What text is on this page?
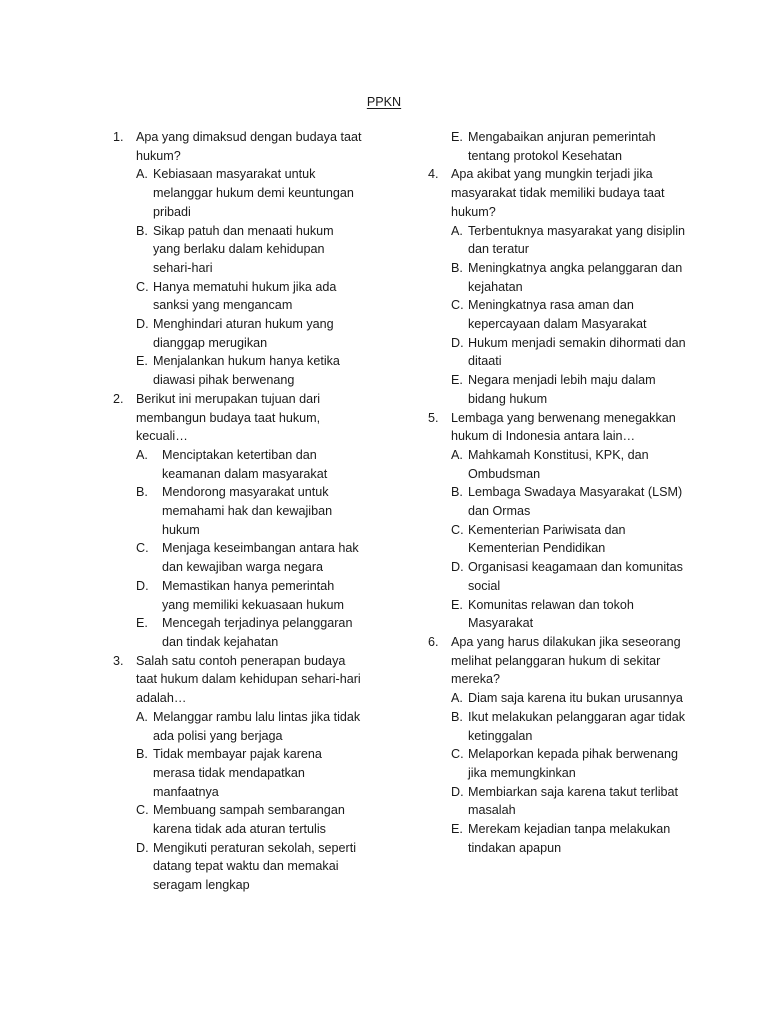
PPKN
1. Apa yang dimaksud dengan budaya taat hukum?
A. Kebiasaan masyarakat untuk melanggar hukum demi keuntungan pribadi
B. Sikap patuh dan menaati hukum yang berlaku dalam kehidupan sehari-hari
C. Hanya mematuhi hukum jika ada sanksi yang mengancam
D. Menghindari aturan hukum yang dianggap merugikan
E. Menjalankan hukum hanya ketika diawasi pihak berwenang
2. Berikut ini merupakan tujuan dari membangun budaya taat hukum, kecuali…
A. Menciptakan ketertiban dan keamanan dalam masyarakat
B. Mendorong masyarakat untuk memahami hak dan kewajiban hukum
C. Menjaga keseimbangan antara hak dan kewajiban warga negara
D. Memastikan hanya pemerintah yang memiliki kekuasaan hukum
E. Mencegah terjadinya pelanggaran dan tindak kejahatan
3. Salah satu contoh penerapan budaya taat hukum dalam kehidupan sehari-hari adalah…
A. Melanggar rambu lalu lintas jika tidak ada polisi yang berjaga
B. Tidak membayar pajak karena merasa tidak mendapatkan manfaatnya
C. Membuang sampah sembarangan karena tidak ada aturan tertulis
D. Mengikuti peraturan sekolah, seperti datang tepat waktu dan memakai seragam lengkap
E. Mengabaikan anjuran pemerintah tentang protokol Kesehatan
4. Apa akibat yang mungkin terjadi jika masyarakat tidak memiliki budaya taat hukum?
A. Terbentuknya masyarakat yang disiplin dan teratur
B. Meningkatnya angka pelanggaran dan kejahatan
C. Meningkatnya rasa aman dan kepercayaan dalam Masyarakat
D. Hukum menjadi semakin dihormati dan ditaati
E. Negara menjadi lebih maju dalam bidang hukum
5. Lembaga yang berwenang menegakkan hukum di Indonesia antara lain…
A. Mahkamah Konstitusi, KPK, dan Ombudsman
B. Lembaga Swadaya Masyarakat (LSM) dan Ormas
C. Kementerian Pariwisata dan Kementerian Pendidikan
D. Organisasi keagamaan dan komunitas social
E. Komunitas relawan dan tokoh Masyarakat
6. Apa yang harus dilakukan jika seseorang melihat pelanggaran hukum di sekitar mereka?
A. Diam saja karena itu bukan urusannya
B. Ikut melakukan pelanggaran agar tidak ketinggalan
C. Melaporkan kepada pihak berwenang jika memungkinkan
D. Membiarkan saja karena takut terlibat masalah
E. Merekam kejadian tanpa melakukan tindakan apapun
